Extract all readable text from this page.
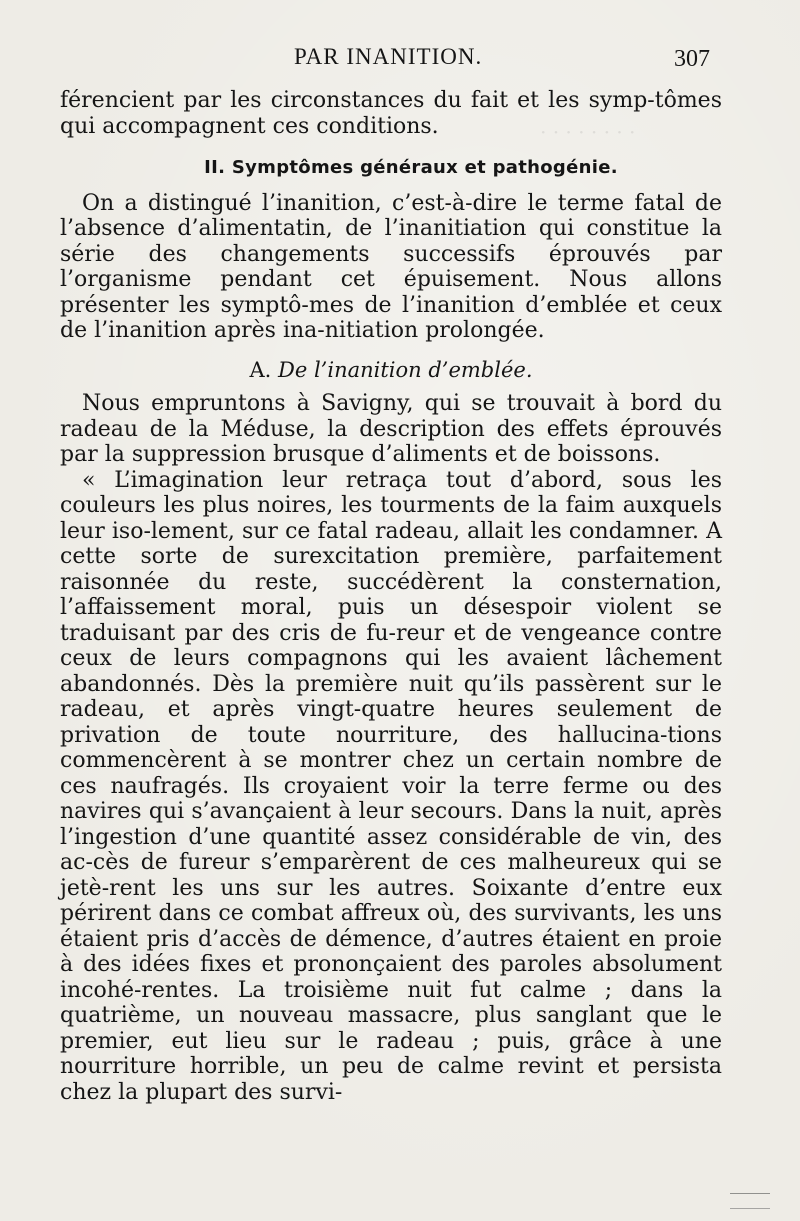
· · · · · · · ·
PAR INANITION.	307

férencient par les circonstances du fait et les symp-tômes qui accompagnent ces conditions.

II. Symptômes généraux et pathogénie.

On a distingué l’inanition, c’est-à-dire le terme fatal de l’absence d’alimentatin, de l’inanitiation qui constitue la série des changements successifs éprouvés par l’organisme pendant cet épuisement. Nous allons présenter les symptô-mes de l’inanition d’emblée et ceux de l’inanition après ina-nitiation prolongée.

A. De l’inanition d’emblée.

Nous empruntons à Savigny, qui se trouvait à bord du radeau de la Méduse, la description des effets éprouvés par la suppression brusque d’aliments et de boissons.

« L’imagination leur retraça tout d’abord, sous les couleurs les plus noires, les tourments de la faim auxquels leur iso-lement, sur ce fatal radeau, allait les condamner. A cette sorte de surexcitation première, parfaitement raisonnée du reste, succédèrent la consternation, l’affaissement moral, puis un désespoir violent se traduisant par des cris de fu-reur et de vengeance contre ceux de leurs compagnons qui les avaient lâchement abandonnés. Dès la première nuit qu’ils passèrent sur le radeau, et après vingt-quatre heures seulement de privation de toute nourriture, des hallucina-tions commencèrent à se montrer chez un certain nombre de ces naufragés. Ils croyaient voir la terre ferme ou des navires qui s’avançaient à leur secours. Dans la nuit, après l’ingestion d’une quantité assez considérable de vin, des ac-cès de fureur s’emparèrent de ces malheureux qui se jetè-rent les uns sur les autres. Soixante d’entre eux périrent dans ce combat affreux où, des survivants, les uns étaient pris d’accès de démence, d’autres étaient en proie à des idées fixes et prononçaient des paroles absolument incohé-rentes. La troisième nuit fut calme ; dans la quatrième, un nouveau massacre, plus sanglant que le premier, eut lieu sur le radeau ; puis, grâce à une nourriture horrible, un peu de calme revint et persista chez la plupart des survi-
